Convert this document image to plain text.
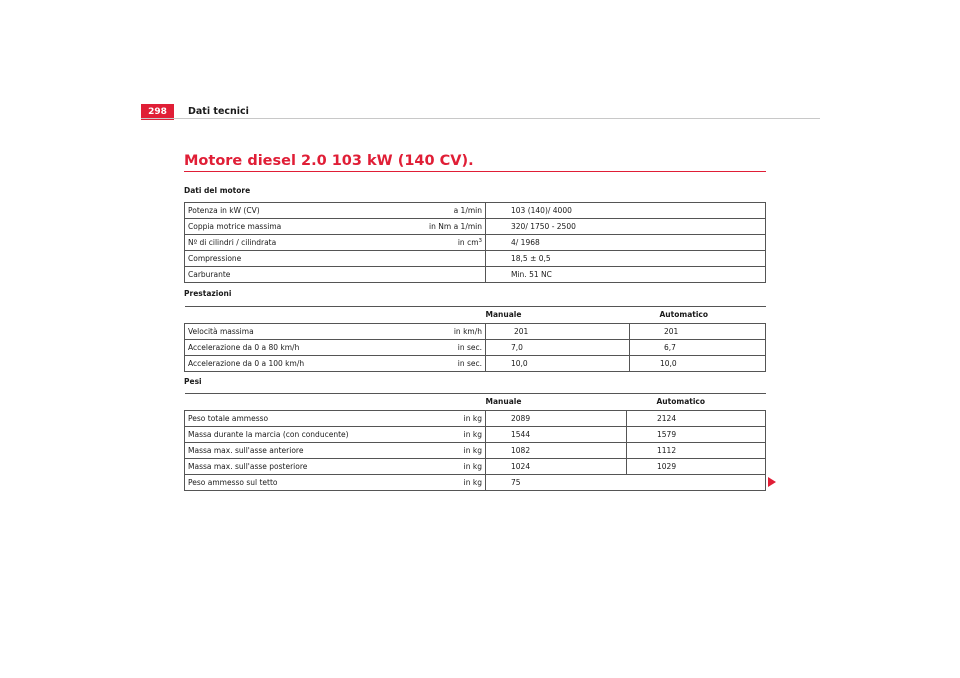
298	Dati tecnici
Motore diesel 2.0 103 kW (140 CV).
Dati del motore
Potenza in kW (CV)	a 1/min	103 (140)/ 4000
Coppia motrice massima	in Nm a 1/min	320/ 1750 - 2500
Nº di cilindri / cilindrata	in $cm^3$	4/ 1968
Compressione		18,5 ± 0,5
Carburante		Min. 51 NC
Prestazioni
		Manuale	Automatico
Velocità massima	in km/h	201	201
Accelerazione da 0 a 80 km/h	in sec.	7,0	6,7
Accelerazione da 0 a 100 km/h	in sec.	10,0	10,0
Pesi
		Manuale	Automatico
Peso totale ammesso	in kg	2089	2124
Massa durante la marcia (con conducente)	in kg	1544	1579
Massa max. sull'asse anteriore	in kg	1082	1112
Massa max. sull'asse posteriore	in kg	1024	1029
Peso ammesso sul tetto	in kg	75	
